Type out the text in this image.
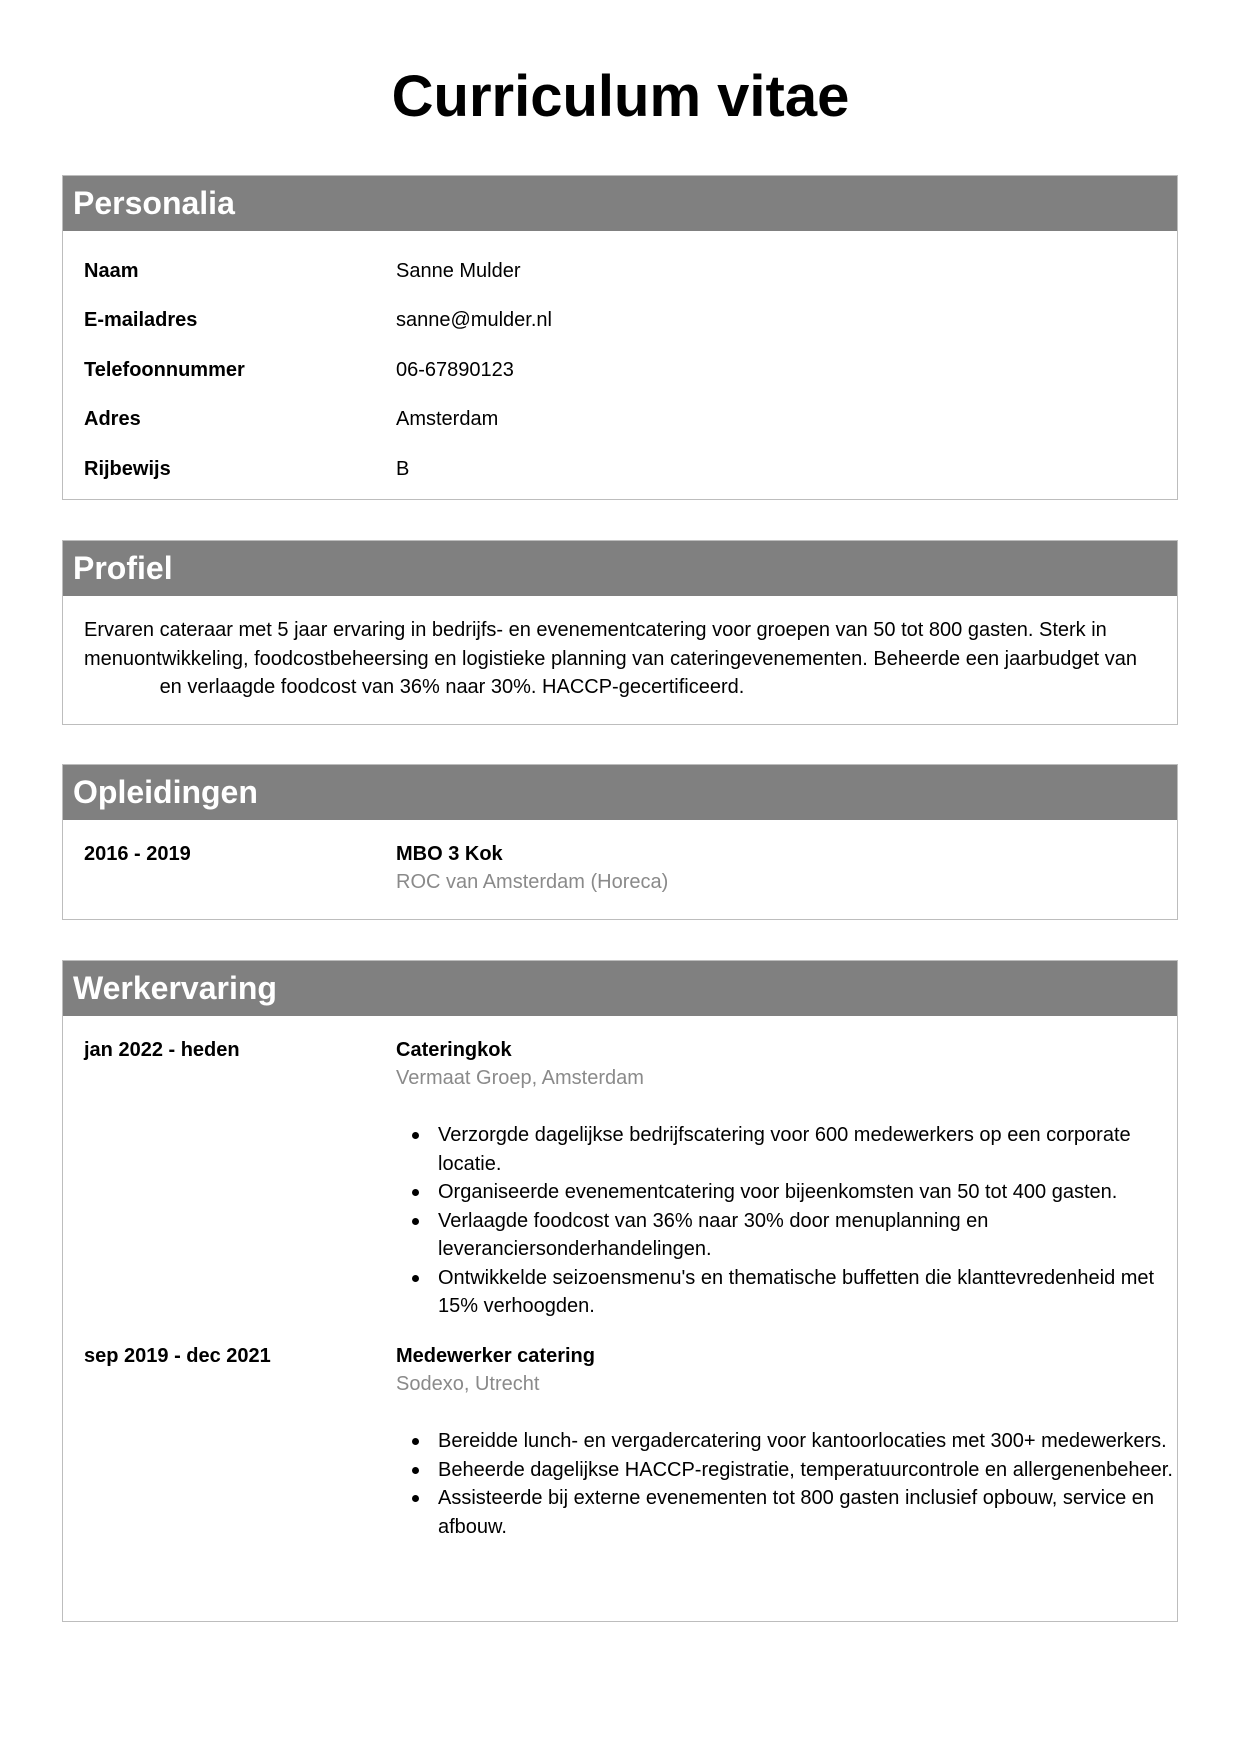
Curriculum vitae
Personalia
Naam	Sanne Mulder
E-mailadres	sanne@mulder.nl
Telefoonnummer	06-67890123
Adres	Amsterdam
Rijbewijs	B
Profiel
Ervaren cateraar met 5 jaar ervaring in bedrijfs- en evenementcatering voor groepen van 50 tot 800 gasten. Sterk in menuontwikkeling, foodcostbeheersing en logistieke planning van cateringevenementen. Beheerde een jaarbudget van  en verlaagde foodcost van 36% naar 30%. HACCP-gecertificeerd.
Opleidingen
2016 - 2019	MBO 3 Kok
ROC van Amsterdam (Horeca)
Werkervaring
jan 2022 - heden	Cateringkok
Vermaat Groep, Amsterdam
Verzorgde dagelijkse bedrijfscatering voor 600 medewerkers op een corporate locatie.
Organiseerde evenementcatering voor bijeenkomsten van 50 tot 400 gasten.
Verlaagde foodcost van 36% naar 30% door menuplanning en leveranciersonderhandelingen.
Ontwikkelde seizoensmenu's en thematische buffetten die klanttevredenheid met 15% verhoogden.
sep 2019 - dec 2021	Medewerker catering
Sodexo, Utrecht
Bereidde lunch- en vergadercatering voor kantoorlocaties met 300+ medewerkers.
Beheerde dagelijkse HACCP-registratie, temperatuurcontrole en allergenenbeheer.
Assisteerde bij externe evenementen tot 800 gasten inclusief opbouw, service en afbouw.
